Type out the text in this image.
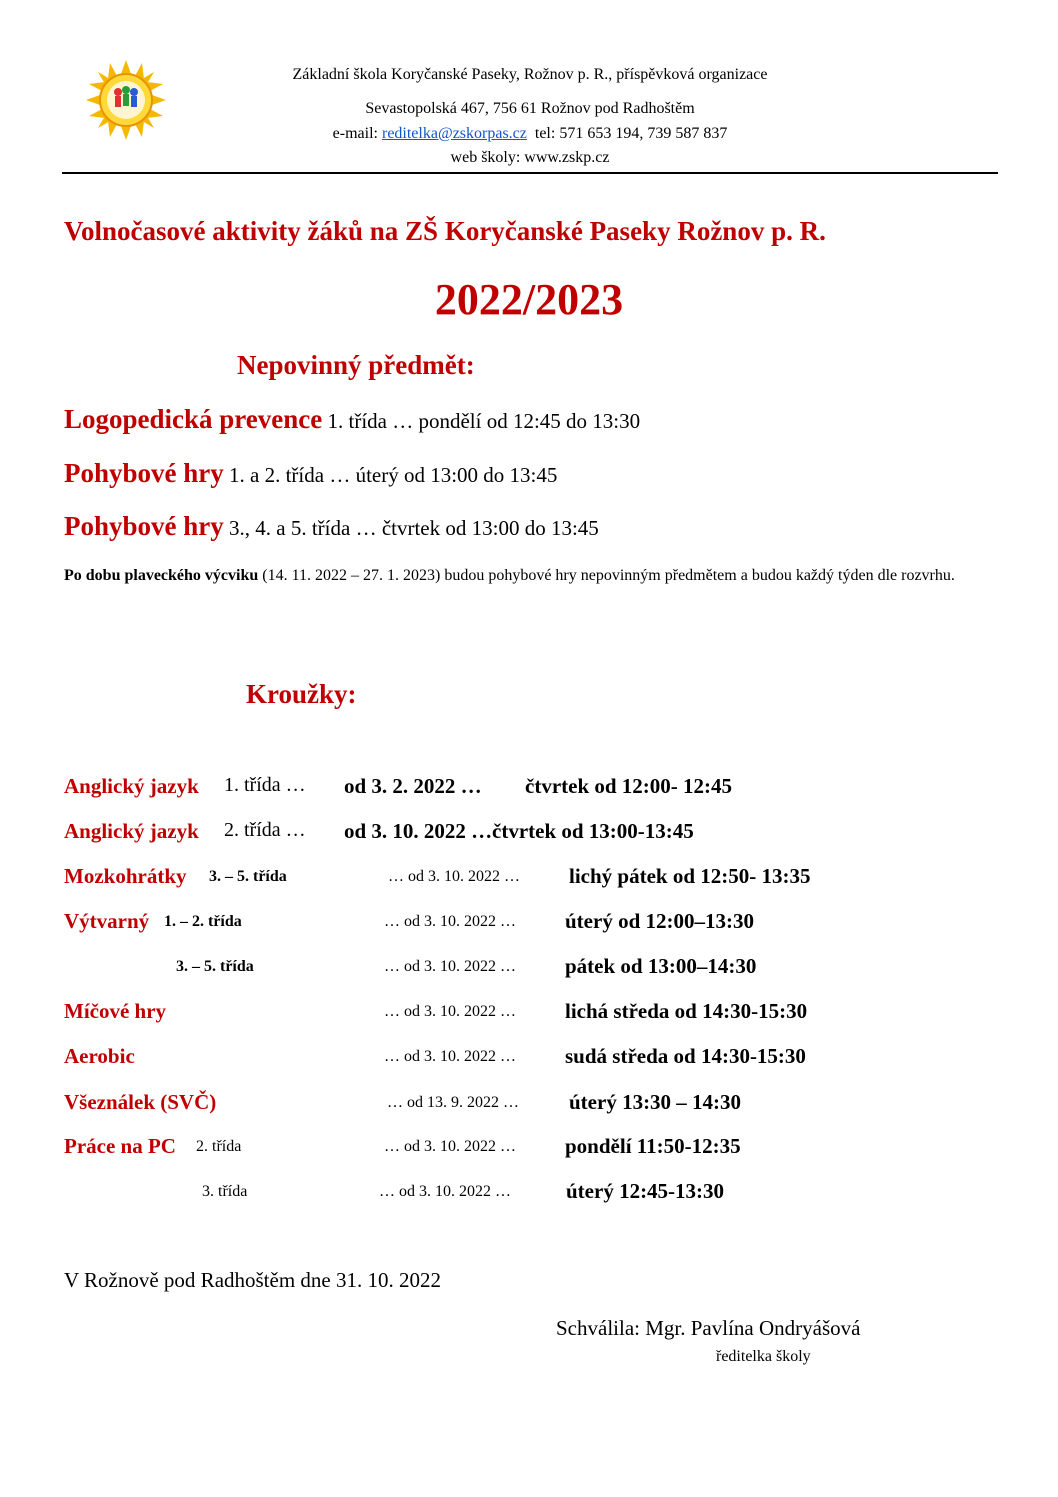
Základní škola Koryčanské Paseky, Rožnov p. R., příspěvková organizace
Sevastopolská 467, 756 61 Rožnov pod Radhoštěm
e-mail: reditelka@zskorpas.cz tel: 571 653 194, 739 587 837
web školy: www.zskp.cz
Volnočasové aktivity žáků na ZŠ Koryčanské Paseky Rožnov p. R.
2022/2023
Nepovinný předmět:
Logopedická prevence 1. třída … pondělí od 12:45 do 13:30
Pohybové hry 1. a 2. třída … úterý od 13:00 do 13:45
Pohybové hry 3., 4. a 5. třída … čtvrtek od 13:00 do 13:45
Po dobu plaveckého výcviku (14. 11. 2022 – 27. 1. 2023) budou pohybové hry nepovinným předmětem a budou každý týden dle rozvrhu.
Kroužky:
Anglický jazyk 1. třída … od 3. 2. 2022 … čtvrtek od 12:00- 12:45
Anglický jazyk 2. třída … od 3. 10. 2022 … čtvrtek od 13:00-13:45
Mozkohrátky 3. – 5. třída	… od 3. 10. 2022 … lichý pátek od 12:50- 13:35
Výtvarný 1. – 2. třída	… od 3. 10. 2022 … úterý od 12:00–13:30
3. – 5. třída	… od 3. 10. 2022 … pátek od 13:00–14:30
Míčové hry	… od 3. 10. 2022 … lichá středa od 14:30-15:30
Aerobic	… od 3. 10. 2022 … sudá středa od 14:30-15:30
Všeználek (SVČ)	… od 13. 9. 2022 … úterý 13:30 – 14:30
Práce na PC 2. třída	… od 3. 10. 2022 … pondělí 11:50-12:35
3. třída	… od 3. 10. 2022 …	úterý 12:45-13:30
V Rožnově pod Radhoštěm dne 31. 10. 2022
Schválila: Mgr. Pavlína Ondryášová
ředitelka školy
